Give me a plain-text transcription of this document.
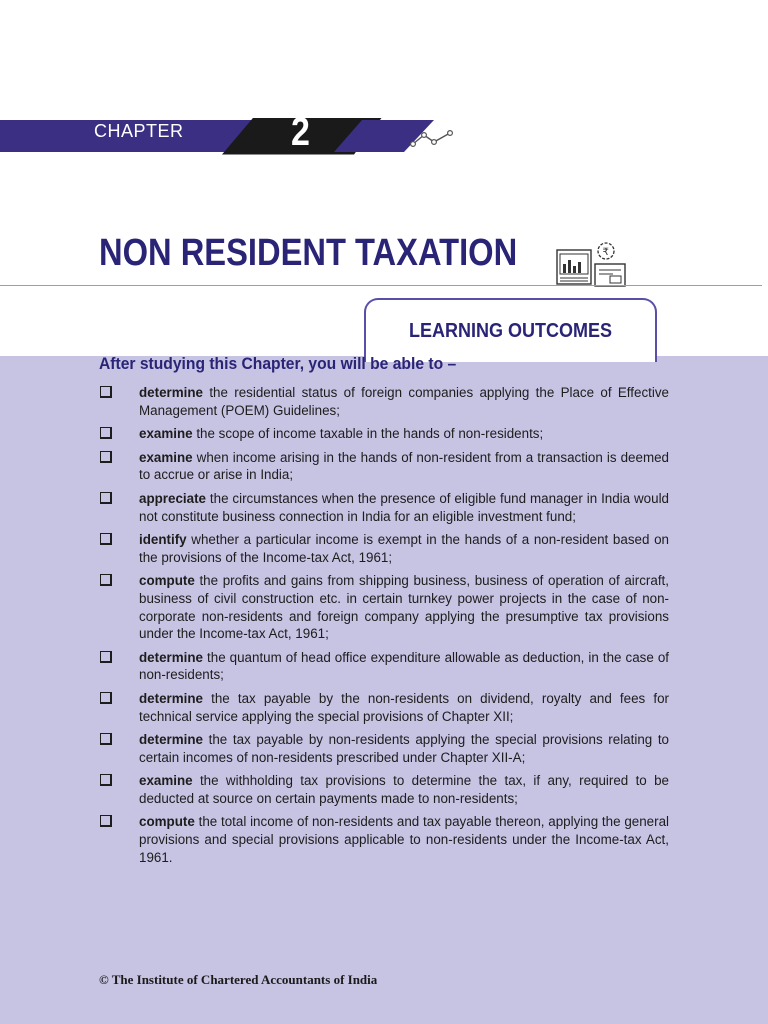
CHAPTER	2
NON RESIDENT TAXATION	₹
LEARNING OUTCOMES
After studying this Chapter, you will be able to –
determine the residential status of foreign companies applying the Place of Effective Management (POEM) Guidelines;
examine the scope of income taxable in the hands of non-residents;
examine when income arising in the hands of non-resident from a transaction is deemed to accrue or arise in India;
appreciate the circumstances when the presence of eligible fund manager in India would not constitute business connection in India for an eligible investment fund;
identify whether a particular income is exempt in the hands of a non-resident based on the provisions of the Income-tax Act, 1961;
compute the profits and gains from shipping business, business of operation of aircraft, business of civil construction etc. in certain turnkey power projects in the case of non-corporate non-residents and foreign company applying the presumptive tax provisions under the Income-tax Act, 1961;
determine the quantum of head office expenditure allowable as deduction, in the case of non-residents;
determine the tax payable by the non-residents on dividend, royalty and fees for technical service applying the special provisions of Chapter XII;
determine the tax payable by non-residents applying the special provisions relating to certain incomes of non-residents prescribed under Chapter XII-A;
examine the withholding tax provisions to determine the tax, if any, required to be deducted at source on certain payments made to non-residents;
compute the total income of non-residents and tax payable thereon, applying the general provisions and special provisions applicable to non-residents under the Income-tax Act, 1961.
© The Institute of Chartered Accountants of India
